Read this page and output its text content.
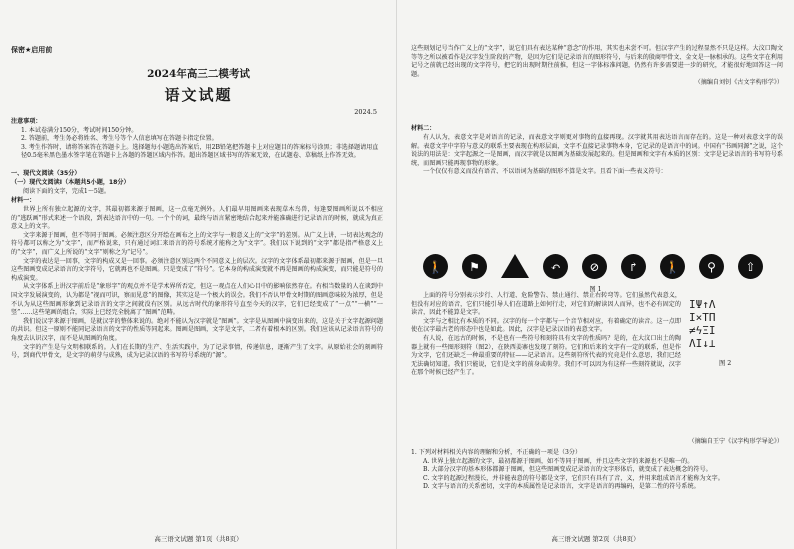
保密★启用前
2024年高三二模考试
语文试题
2024.5
注意事项：
1. 本试卷满分150分，考试时间150分钟。
2. 答题前，考生务必将姓名、考生号等个人信息填写在答题卡指定位置。
3. 考生作答时，请将答案答在答题卡上。选择题每小题选出答案后，用2B铅笔把答题卡上对应题目的答案标号涂黑；非选择题请用直径0.5毫米黑色墨水签字笔在答题卡上各题的答题区域内作答。超出答题区域书写的答案无效，在试题卷、草稿纸上作答无效。
一、现代文阅读（35分）
（一）现代文阅读Ⅰ（本题共5小题，18分）
阅读下面的文字，完成1～5题。
材料一：

世界上所有独立起源的文字，其最初都来源于图画，这一点毫无例外。人们最早用图画来表现草木鸟兽，每逢要图画所说以不相应的“逃跃画”形式来述一个语段，到表达语言中的一句。一个个的词，最终与语言紧密地结合起来并能准确进行记录语言的时候，就成为真正意义上的文字。

文字来源于图画，但不等同于图画。必须注意区分开绘在画布之上的文字与一般意义上的“文字”的差别。从广义上讲，一切表达观念的符号都可以称之为“文字”，而严格说来，只有通过词汇来语言的符号系统才能称之为“文字”。我们以下说到的“文字”都是指严格意义上的“文字”，而广义上所说的“文字”则称之为“记号”。

文字的表达是一回事，文字的构成又是一回事。必须注意区别这两个不同意义上的层次。汉字的文字体系最初都来源于图画，但是一旦这些图画变成记录语言的文字符号，它就再也不是图画。只是变成了“符号”。它本身的构成演变就不再是图画的构成演变，而只能是符号的构成演变。

从文字体系上讲汉字前后是“象形字”的观点并不是学术界所否定，但这一观点在人们心目中的影响依然存在。有相当数量的人在谈到中国文字发展演变的，认为都是“视而可识，察而见意”的图像，其实这是一个极大的误会。我们不否认甲骨文时期的图画意味较为浓厚，但是不认为从这些图画形象到记录语言的文字之间就没有区别。从远古时代的象形符号直至今天的汉字，它们已经变成了“一点”“一横”“一竖”……这些笔画的组合，实际上已经完全脱离了“图画”范畴。

我们说汉字来源于图画，是就汉字的整体来说的。绝对不能认为汉字就是“图画”。文字是从图画中演变出来的，这是关于文字起源问题的共识。但这一原则不能同记录语言的文字的性质等同起来。图画是图画，文字是文字，二者有着根本的区别。我们应该从记录语言符号的角度去认识汉字，而不是从图画的角度。

文字的产生是与文明相联系的。人们在长期的生产、生活实践中，为了记录事情，传递信息，逐渐产生了文字。从原始社会的刻画符号，到商代甲骨文，是文字的萌芽与成熟，成为记录汉语的书写符号系统的“源”。

高三语文试题 第1页（共8页）

这些刻划记号当作广义上的“文字”，说它们具有表达某种“意念”的作用，其实也未尝不可。但汉字产生的过程显然不只是这样。大汶口陶文等等之所以被看作是汉字发生阶段的产物，是因为它们是记录语言的图形符号，与后来的殷商甲骨文、金文是一脉相承的。这些文字在利用记号之前就已经出现的文字符号，把它的出现时期往前推，但这一字体标准问题，仍然有许多需要进一步的研究，才能很好地回答这一问题。

（摘编自刘钊《古文字构形学》）
材料二：

有人认为，表意文字是对语言的记录，而表意文字则更对事物的直接再现。汉字就其用表达语言而存在的。这是一种对表意文字的误解。表意文字中字符与意义的联系主要表现在构形层面，文字不直接记录事物本身，它记录的是语言中的词。中国有“书画同源”之说，这个说法的用法是：文字起源之一是图画，而汉字就是以图画为基础发展起来的。但是图画和文字有本质的区别：文字是记录语言的书写符号系统，而图画只能再现事物的形象。

一个仅仅有意义而没有语音、不以语词为基础的图形不算是文字。且看下面一些表义符号：

🚶	⚑	↶	⊘	↱	🚶	⚲	⇧
图 1

上面的符号分别表示步行、人行道、危险警告、禁止通行、禁止右转弯等。它们虽然代表意义，但没有对应的语音，它们只能引导人们在道路上如何行走，对它们的解读因人而异，也不必有固定的读音，因此不能算是文字。

文字与之相比有本质的不同。汉字的每一个字都与一个音节相对应，有着确定的读音。这一点即使在汉字最古老的形态中也是如此。因此，汉字是记录汉语的表意文字。

有人说，在远古的时候，不是也有一些符号和刻符具有文字的性质吗？是的，在大汶口出土的陶器上就有一些图形刻符（图2），在陕西姜寨也发现了刻符。它们和后来的文字有一定的联系，但是作为文字，它们还缺乏一种最重要的特征——记录语言。这些刻符所代表的究竟是什么意思，我们已经无法确切知道。我们只能说，它们是文字的前身或萌芽。我们不可以因为有这样一些刻符就说，汉字在那个时候已经产生了。

ΙΨ↑Λ
Ι×ΤΠ
≠ϟΞΙ
ΛΙ↓⊥
图 2
（摘编自王宁《汉字构形学导论》）
1. 下列对材料相关内容的理解和分析，不正确的一项是（3分）
A. 世界上独立起源的文字，最初都源于图画，如不等同于图画，并且这些文字的来源也不是唯一的。
B. 大部分汉字的基本形体都源于图画，但这些图画变成记录语言的文字形体后，就变成了表达概念的符号。
C. 文字的起源过程漫长，并非能表意的符号都是文字，它们只有具有了音，义，并用来组成语言才能称为文字。
D. 文字与语言的关系密切，文字的本质属性是记录语言，文字是语言的再编码，是第二性的符号系统。
高三语文试题 第2页（共8页）
